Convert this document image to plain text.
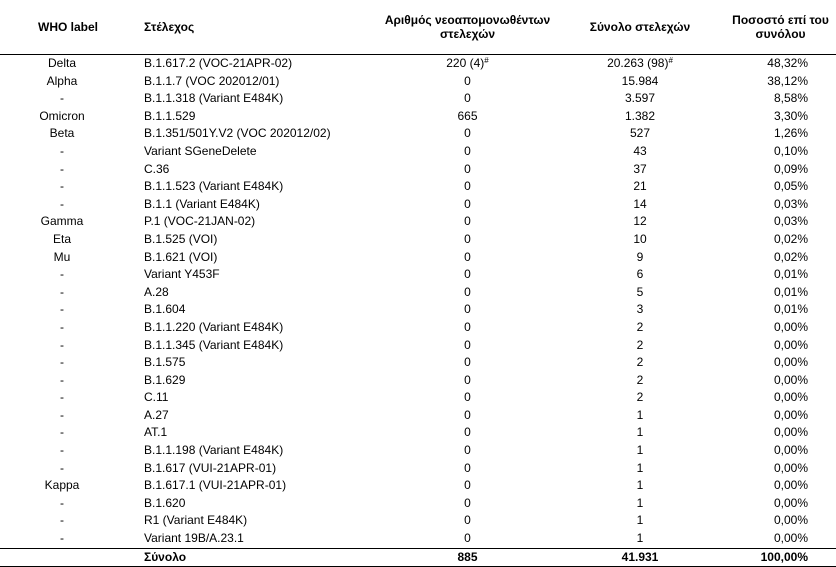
WHO label	Στέλεχος	Αριθμός νεοαπομονωθέντων στελεχών	Σύνολο στελεχών	Ποσοστό επί του συνόλου
Delta	B.1.617.2 (VOC-21APR-02)	220 (4)#	20.263 (98)#	48,32%
Alpha	B.1.1.7 (VOC 202012/01)	0	15.984	38,12%
-	B.1.1.318 (Variant E484K)	0	3.597	8,58%
Omicron	B.1.1.529	665	1.382	3,30%
Beta	B.1.351/501Y.V2 (VOC 202012/02)	0	527	1,26%
-	Variant SGeneDelete	0	43	0,10%
-	C.36	0	37	0,09%
-	B.1.1.523 (Variant E484K)	0	21	0,05%
-	B.1.1 (Variant E484K)	0	14	0,03%
Gamma	P.1 (VOC-21JAN-02)	0	12	0,03%
Eta	B.1.525 (VOI)	0	10	0,02%
Mu	B.1.621 (VOI)	0	9	0,02%
-	Variant Y453F	0	6	0,01%
-	A.28	0	5	0,01%
-	B.1.604	0	3	0,01%
-	B.1.1.220 (Variant E484K)	0	2	0,00%
-	B.1.1.345 (Variant E484K)	0	2	0,00%
-	B.1.575	0	2	0,00%
-	B.1.629	0	2	0,00%
-	C.11	0	2	0,00%
-	A.27	0	1	0,00%
-	AT.1	0	1	0,00%
-	B.1.1.198 (Variant E484K)	0	1	0,00%
-	B.1.617 (VUI-21APR-01)	0	1	0,00%
Kappa	B.1.617.1 (VUI-21APR-01)	0	1	0,00%
-	B.1.620	0	1	0,00%
-	R1 (Variant E484K)	0	1	0,00%
-	Variant 19B/A.23.1	0	1	0,00%
	Σύνολο	885	41.931	100,00%
